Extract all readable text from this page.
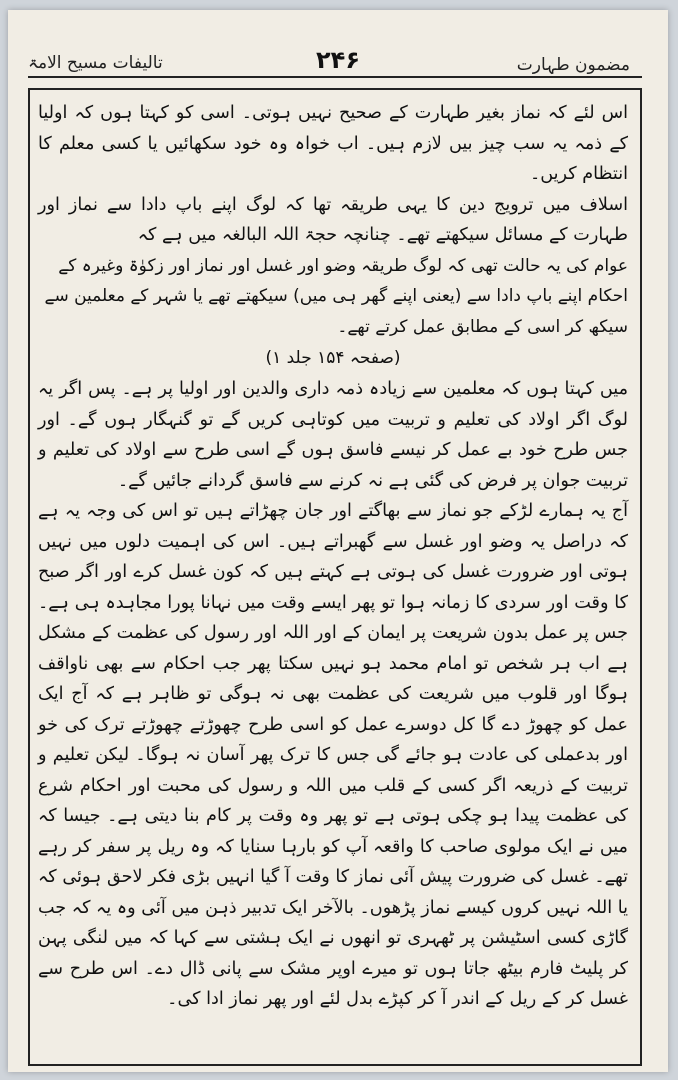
مضمون طہارت
۲۴۶
تالیفات مسیح الامۃ

اس لئے کہ نماز بغیر طہارت کے صحیح نہیں ہوتی۔ اسی کو کہتا ہوں کہ اولیا کے ذمہ یہ سب چیز بیں لازم ہیں۔ اب خواہ وہ خود سکھائیں یا کسی معلم کا انتظام کریں۔

اسلاف میں ترویج دین کا یہی طریقہ تھا کہ لوگ اپنے باپ دادا سے نماز اور طہارت کے مسائل سیکھتے تھے۔ چنانچہ حجۃ اللہ البالغہ میں ہے کہ

عوام کی یہ حالت تھی کہ لوگ طریقہ وضو اور غسل اور نماز اور زکوٰۃ وغیرہ کے احکام اپنے باپ دادا سے (یعنی اپنے گھر ہی میں) سیکھتے تھے یا شہر کے معلمین سے سیکھ کر اسی کے مطابق عمل کرتے تھے۔

(صفحہ ۱۵۴ جلد ۱)

میں کہتا ہوں کہ معلمین سے زیادہ ذمہ داری والدین اور اولیا پر ہے۔ پس اگر یہ لوگ اگر اولاد کی تعلیم و تربیت میں کوتاہی کریں گے تو گنہگار ہوں گے۔ اور جس طرح خود بے عمل کر نیسے فاسق ہوں گے اسی طرح سے اولاد کی تعلیم و تربیت جوان پر فرض کی گئی ہے نہ کرنے سے فاسق گردانے جائیں گے۔

آج یہ ہمارے لڑکے جو نماز سے بھاگتے اور جان چھڑاتے ہیں تو اس کی وجہ یہ ہے کہ دراصل یہ وضو اور غسل سے گھبراتے ہیں۔ اس کی اہمیت دلوں میں نہیں ہوتی اور ضرورت غسل کی ہوتی ہے کہتے ہیں کہ کون غسل کرے اور اگر صبح کا وقت اور سردی کا زمانہ ہوا تو پھر ایسے وقت میں نہانا پورا مجاہدہ ہی ہے۔ جس پر عمل بدون شریعت پر ایمان کے اور اللہ اور رسول کی عظمت کے مشکل ہے اب ہر شخص تو امام محمد ہو نہیں سکتا پھر جب احکام سے بھی ناواقف ہوگا اور قلوب میں شریعت کی عظمت بھی نہ ہوگی تو ظاہر ہے کہ آج ایک عمل کو چھوڑ دے گا کل دوسرے عمل کو اسی طرح چھوڑتے چھوڑتے ترک کی خو اور بدعملی کی عادت ہو جائے گی جس کا ترک پھر آسان نہ ہوگا۔ لیکن تعلیم و تربیت کے ذریعہ اگر کسی کے قلب میں اللہ و رسول کی محبت اور احکام شرع کی عظمت پیدا ہو چکی ہوتی ہے تو پھر وہ وقت پر کام بنا دیتی ہے۔ جیسا کہ میں نے ایک مولوی صاحب کا واقعہ آپ کو بارہا سنایا کہ وہ ریل پر سفر کر رہے تھے۔ غسل کی ضرورت پیش آئی نماز کا وقت آ گیا انہیں بڑی فکر لاحق ہوئی کہ یا اللہ نہیں کروں کیسے نماز پڑھوں۔ بالآخر ایک تدبیر ذہن میں آئی وہ یہ کہ جب گاڑی کسی اسٹیشن پر ٹھہری تو انھوں نے ایک ہشتی سے کہا کہ میں لنگی پہن کر پلیٹ فارم بیٹھ جاتا ہوں تو میرے اوپر مشک سے پانی ڈال دے۔ اس طرح سے غسل کر کے ریل کے اندر آ کر کپڑے بدل لئے اور پھر نماز ادا کی۔
